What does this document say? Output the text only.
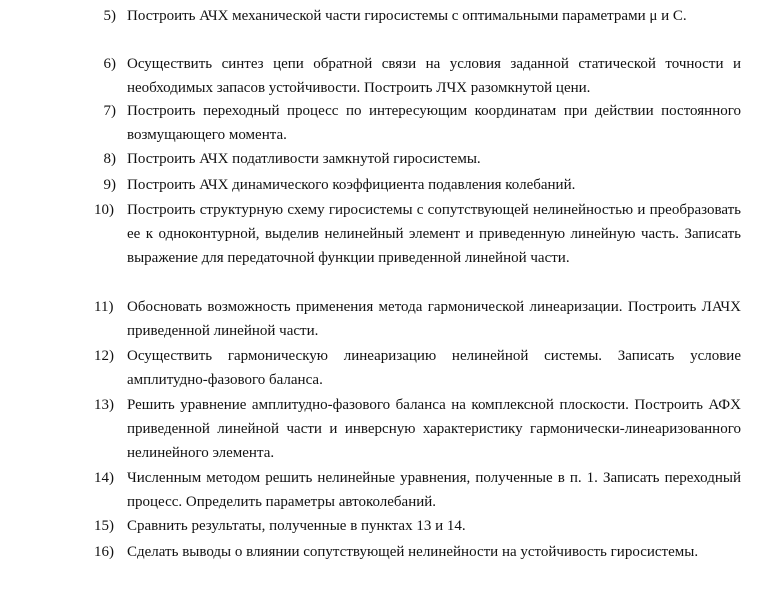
5) Построить АЧХ механической части гиросистемы с оптимальными параметрами μ и С.
6) Осуществить синтез цепи обратной связи на условия заданной статической точности и необходимых запасов устойчивости. Построить ЛЧХ разомкнутой цени.
7) Построить переходный процесс по интересующим координатам при действии постоянного возмущающего момента.
8) Построить АЧХ податливости замкнутой гиросистемы.
9) Построить АЧХ динамического коэффициента подавления колебаний.
10) Построить структурную схему гиросистемы с сопутствующей нелинейностью и преобразовать ее к одноконтурной, выделив нелинейный элемент и приведенную линейную часть. Записать выражение для передаточной функции приведенной линейной части.
11) Обосновать возможность применения метода гармонической линеаризации. Построить ЛАЧХ приведенной линейной части.
12) Осуществить гармоническую линеаризацию нелинейной системы. Записать условие амплитудно-фазового баланса.
13) Решить уравнение амплитудно-фазового баланса на комплексной плоскости. Построить АФХ приведенной линейной части и инверсную характеристику гармонически-линеаризованного нелинейного элемента.
14) Численным методом решить нелинейные уравнения, полученные в п. 1. Записать переходный процесс. Определить параметры автоколебаний.
15) Сравнить результаты, полученные в пунктах 13 и 14.
16) Сделать выводы о влиянии сопутствующей нелинейности на устойчивость гиросистемы.
